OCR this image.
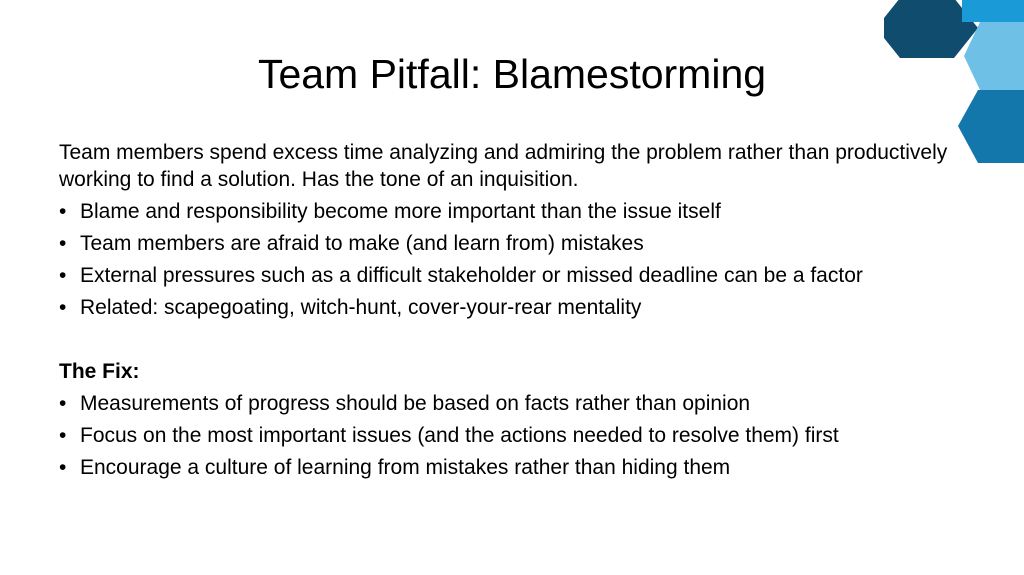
Team Pitfall: Blamestorming

Team members spend excess time analyzing and admiring the problem rather than productively working to find a solution. Has the tone of an inquisition.

• Blame and responsibility become more important than the issue itself
• Team members are afraid to make (and learn from) mistakes
• External pressures such as a difficult stakeholder or missed deadline can be a factor
• Related: scapegoating, witch-hunt, cover-your-rear mentality

The Fix:

• Measurements of progress should be based on facts rather than opinion
• Focus on the most important issues (and the actions needed to resolve them) first
• Encourage a culture of learning from mistakes rather than hiding them
